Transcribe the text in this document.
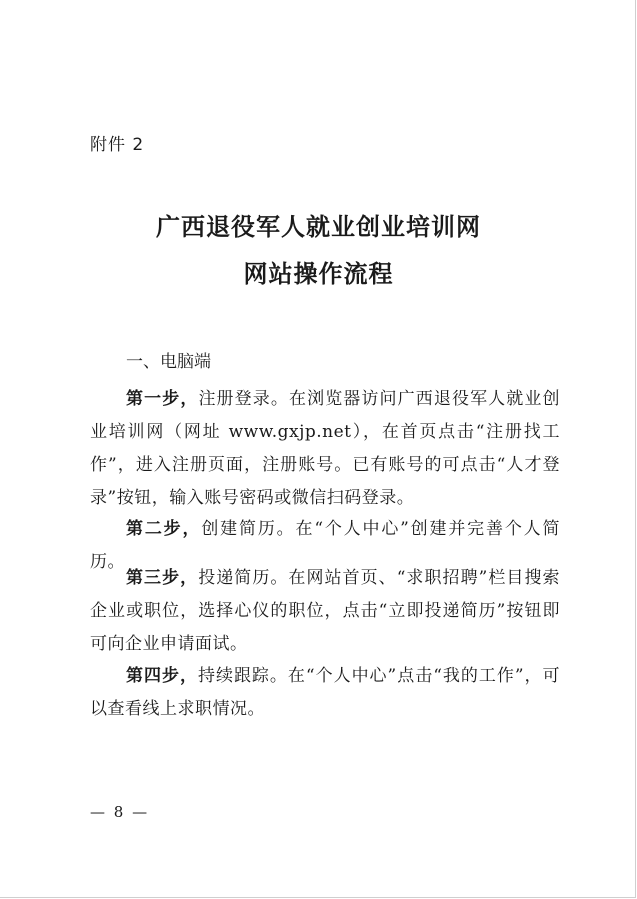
附件 2
广西退役军人就业创业培训网
网站操作流程
一、电脑端
第一步，注册登录。在浏览器访问广西退役军人就业创业培训网（网址 www.gxjp.net），在首页点击“注册找工作”，进入注册页面，注册账号。已有账号的可点击“人才登录”按钮，输入账号密码或微信扫码登录。
第二步，创建简历。在“个人中心”创建并完善个人简历。
第三步，投递简历。在网站首页、“求职招聘”栏目搜索企业或职位，选择心仪的职位，点击“立即投递简历”按钮即可向企业申请面试。
第四步，持续跟踪。在“个人中心”点击“我的工作”，可以查看线上求职情况。
— 8 —
